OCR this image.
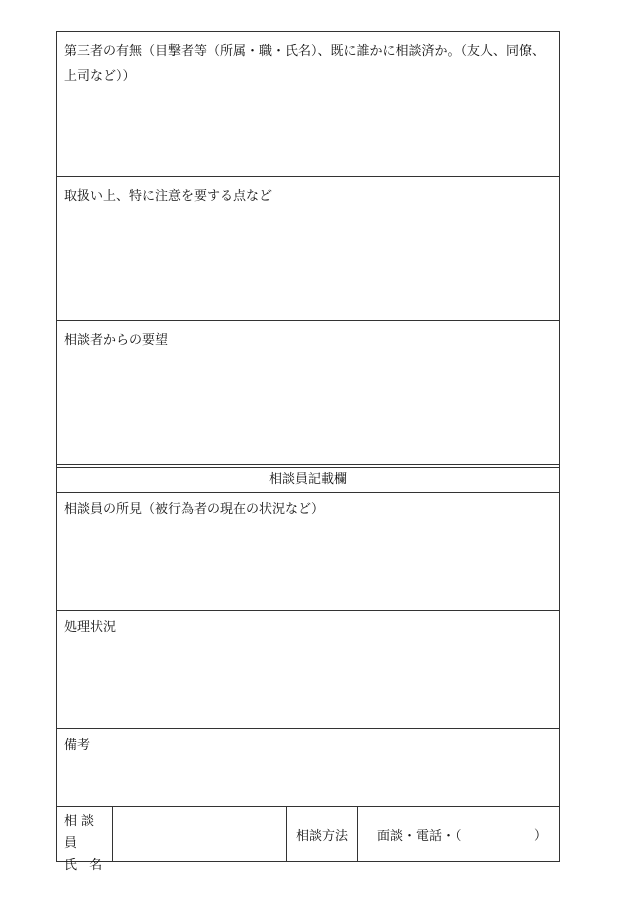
第三者の有無（目撃者等（所属・職・氏名）、既に誰かに相談済か。（友人、同僚、上司など））
取扱い上、特に注意を要する点など
相談者からの要望
相談員記載欄
相談員の所見（被行為者の現在の状況など）
処理状況
備考
相談員
氏 名
相談方法	面談・電話・（	）
